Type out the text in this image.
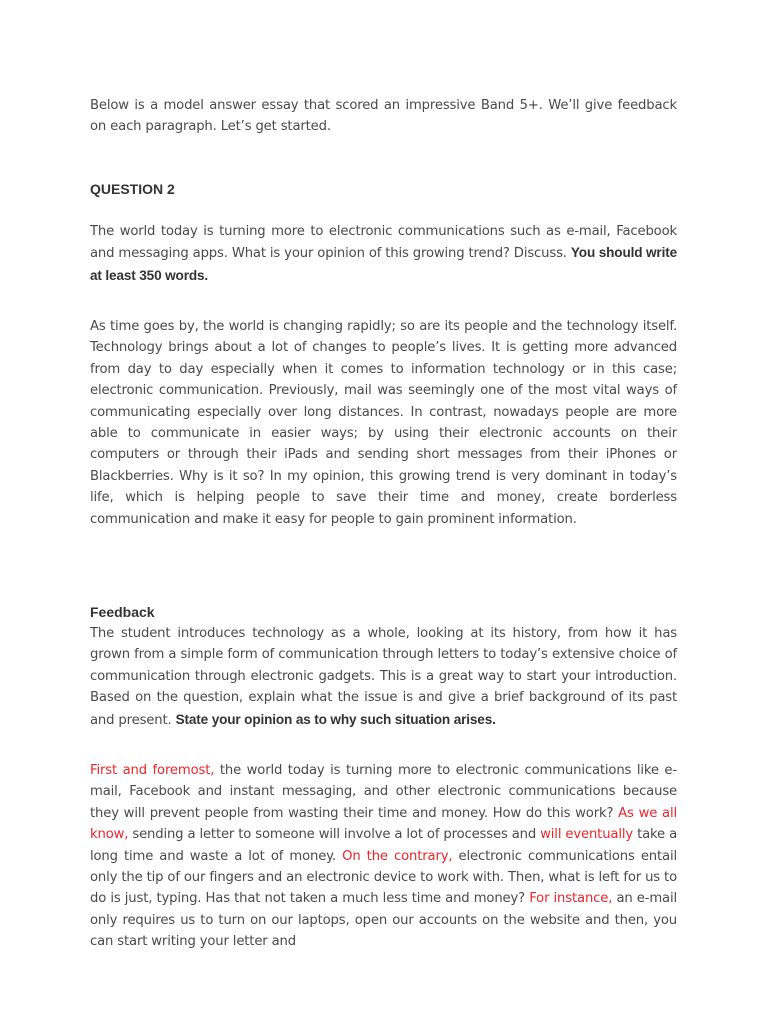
Below is a model answer essay that scored an impressive Band 5+. We’ll give feedback on each paragraph. Let’s get started.

QUESTION 2

The world today is turning more to electronic communications such as e-mail, Facebook and messaging apps. What is your opinion of this growing trend? Discuss. You should write at least 350 words.

As time goes by, the world is changing rapidly; so are its people and the technology itself. Technology brings about a lot of changes to people’s lives. It is getting more advanced from day to day especially when it comes to information technology or in this case; electronic communication. Previously, mail was seemingly one of the most vital ways of communicating especially over long distances. In contrast, nowadays people are more able to communicate in easier ways; by using their electronic accounts on their computers or through their iPads and sending short messages from their iPhones or Blackberries. Why is it so? In my opinion, this growing trend is very dominant in today’s life, which is helping people to save their time and money, create borderless communication and make it easy for people to gain prominent information.

Feedback

The student introduces technology as a whole, looking at its history, from how it has grown from a simple form of communication through letters to today’s extensive choice of communication through electronic gadgets. This is a great way to start your introduction. Based on the question, explain what the issue is and give a brief background of its past and present. State your opinion as to why such situation arises.

First and foremost, the world today is turning more to electronic communications like e-mail, Facebook and instant messaging, and other electronic communications because they will prevent people from wasting their time and money. How do this work? As we all know, sending a letter to someone will involve a lot of processes and will eventually take a long time and waste a lot of money. On the contrary, electronic communications entail only the tip of our fingers and an electronic device to work with. Then, what is left for us to do is just, typing. Has that not taken a much less time and money? For instance, an e-mail only requires us to turn on our laptops, open our accounts on the website and then, you can start writing your letter and
